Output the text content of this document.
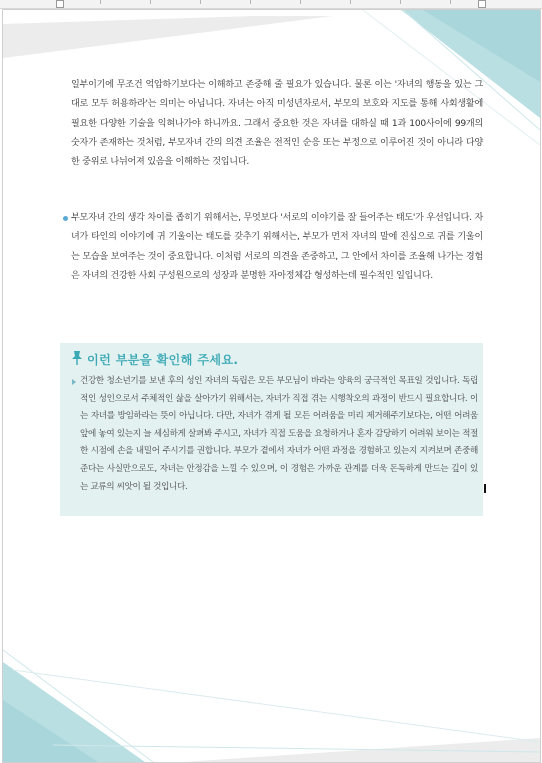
일부이기에 무조건 억압하기보다는 이해하고 존중해 줄 필요가 있습니다. 물론 이는 '자녀의 행동을 있는 그대로 모두 허용하라'는 의미는 아닙니다. 자녀는 아직 미성년자로서, 부모의 보호와 지도를 통해 사회생활에 필요한 다양한 기술을 익혀나가야 하니까요. 그래서 중요한 것은 자녀를 대하실 때 1과 100사이에 99개의 숫자가 존재하는 것처럼, 부모자녀 간의 의견 조율은 전적인 순응 또는 부정으로 이루어진 것이 아니라 다양한 중위로 나뉘어져 있음을 이해하는 것입니다.

부모자녀 간의 생각 차이를 좁히기 위해서는, 무엇보다 '서로의 이야기를 잘 들어주는 태도'가 우선입니다. 자녀가 타인의 이야기에 귀 기울이는 태도를 갖추기 위해서는, 부모가 먼저 자녀의 말에 진심으로 귀를 기울이는 모습을 보여주는 것이 중요합니다. 이처럼 서로의 의견을 존중하고, 그 안에서 차이를 조율해 나가는 경험은 자녀의 건강한 사회 구성원으로의 성장과 분명한 자아정체감 형성하는데 필수적인 일입니다.

이런 부분을 확인해 주세요.

건강한 청소년기를 보낸 후의 성인 자녀의 독립은 모든 부모님이 바라는 양육의 궁극적인 목표일 것입니다. 독립적인 성인으로서 주체적인 삶을 살아가기 위해서는, 자녀가 직접 겪는 시행착오의 과정이 반드시 필요합니다. 이는 자녀를 방임하라는 뜻이 아닙니다. 다만, 자녀가 겪게 될 모든 어려움을 미리 제거해주기보다는, 어떤 어려움 앞에 놓여 있는지 늘 세심하게 살펴봐 주시고, 자녀가 직접 도움을 요청하거나 혼자 감당하기 어려워 보이는 적절한 시점에 손을 내밀어 주시기를 권합니다. 부모가 곁에서 자녀가 어떤 과정을 경험하고 있는지 지켜보며 존중해 준다는 사실만으로도, 자녀는 안정감을 느낄 수 있으며, 이 경험은 가까운 관계를 더욱 돈독하게 만드는 깊이 있는 교류의 씨앗이 될 것입니다.
